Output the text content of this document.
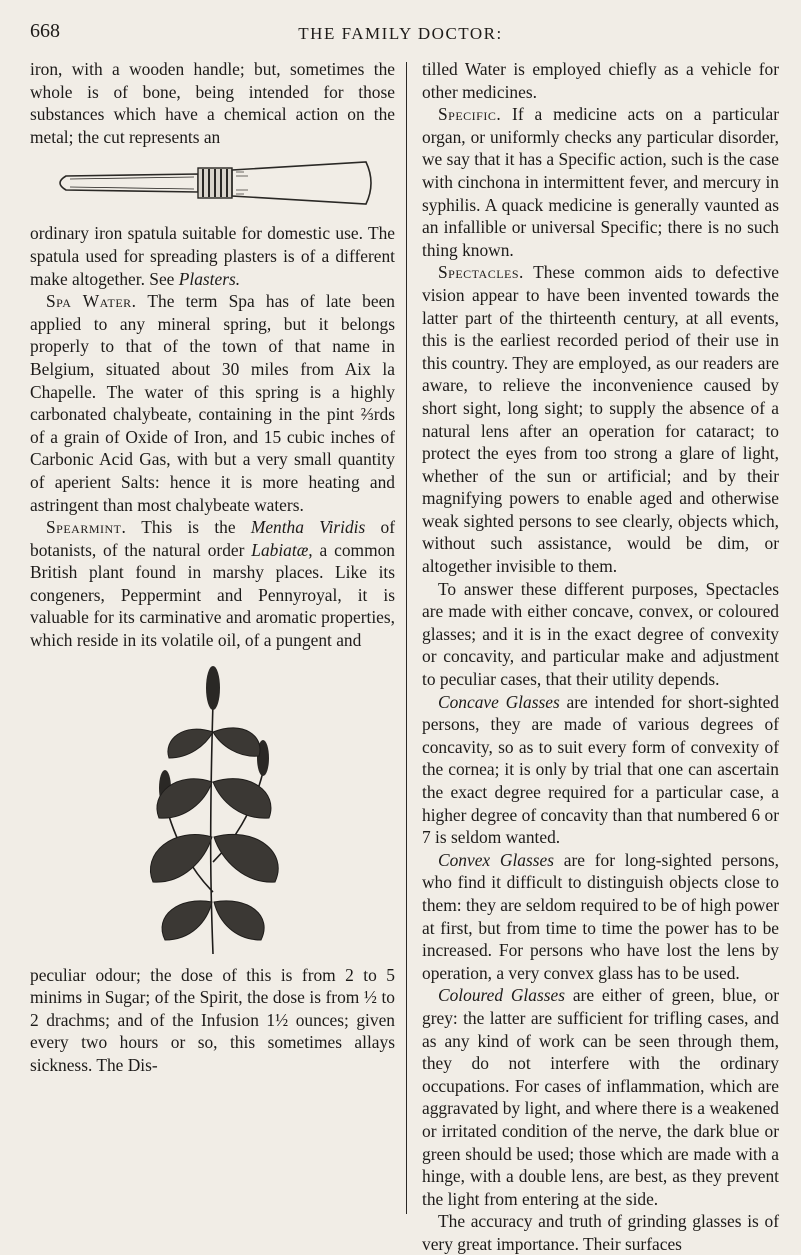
668	THE FAMILY DOCTOR:

iron, with a wooden handle; but, sometimes the whole is of bone, being intended for those substances which have a chemical action on the metal; the cut represents an

ordinary iron spatula suitable for domestic use. The spatula used for spreading plasters is of a different make altogether. See Plasters.

Spa Water. The term Spa has of late been applied to any mineral spring, but it belongs properly to that of the town of that name in Belgium, situated about 30 miles from Aix la Chapelle. The water of this spring is a highly carbonated chalybeate, containing in the pint ⅔rds of a grain of Oxide of Iron, and 15 cubic inches of Carbonic Acid Gas, with but a very small quantity of aperient Salts: hence it is more heating and astringent than most chalybeate waters.

Spearmint. This is the Mentha Viridis of botanists, of the natural order Labiatæ, a common British plant found in marshy places. Like its congeners, Peppermint and Pennyroyal, it is valuable for its carminative and aromatic properties, which reside in its volatile oil, of a pungent and

peculiar odour; the dose of this is from 2 to 5 minims in Sugar; of the Spirit, the dose is from ½ to 2 drachms; and of the Infusion 1½ ounces; given every two hours or so, this sometimes allays sickness. The Dis-

tilled Water is employed chiefly as a vehicle for other medicines.

Specific. If a medicine acts on a particular organ, or uniformly checks any particular disorder, we say that it has a Specific action, such is the case with cinchona in intermittent fever, and mercury in syphilis. A quack medicine is generally vaunted as an infallible or universal Specific; there is no such thing known.

Spectacles. These common aids to defective vision appear to have been invented towards the latter part of the thirteenth century, at all events, this is the earliest recorded period of their use in this country. They are employed, as our readers are aware, to relieve the inconvenience caused by short sight, long sight; to supply the absence of a natural lens after an operation for cataract; to protect the eyes from too strong a glare of light, whether of the sun or artificial; and by their magnifying powers to enable aged and otherwise weak sighted persons to see clearly, objects which, without such assistance, would be dim, or altogether invisible to them.

To answer these different purposes, Spectacles are made with either concave, convex, or coloured glasses; and it is in the exact degree of convexity or concavity, and particular make and adjustment to peculiar cases, that their utility depends.

Concave Glasses are intended for short-sighted persons, they are made of various degrees of concavity, so as to suit every form of convexity of the cornea; it is only by trial that one can ascertain the exact degree required for a particular case, a higher degree of concavity than that numbered 6 or 7 is seldom wanted.

Convex Glasses are for long-sighted persons, who find it difficult to distinguish objects close to them: they are seldom required to be of high power at first, but from time to time the power has to be increased. For persons who have lost the lens by operation, a very convex glass has to be used.

Coloured Glasses are either of green, blue, or grey: the latter are sufficient for trifling cases, and as any kind of work can be seen through them, they do not interfere with the ordinary occupations. For cases of inflammation, which are aggravated by light, and where there is a weakened or irritated condition of the nerve, the dark blue or green should be used; those which are made with a hinge, with a double lens, are best, as they prevent the light from entering at the side.

The accuracy and truth of grinding glasses is of very great importance. Their surfaces
